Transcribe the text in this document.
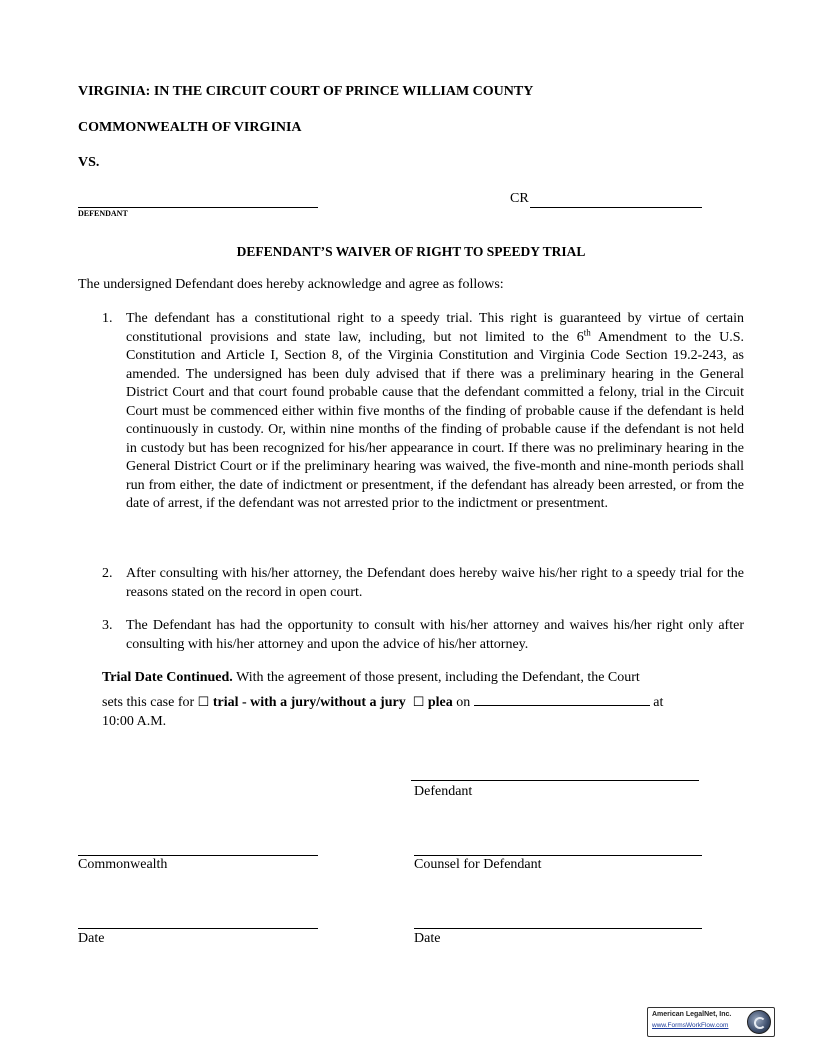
VIRGINIA: IN THE CIRCUIT COURT OF PRINCE WILLIAM COUNTY
COMMONWEALTH OF VIRGINIA
VS.
DEFENDANT
CR
DEFENDANT’S WAIVER OF RIGHT TO SPEEDY TRIAL
The undersigned Defendant does hereby acknowledge and agree as follows:
1. The defendant has a constitutional right to a speedy trial. This right is guaranteed by virtue of certain constitutional provisions and state law, including, but not limited to the 6th Amendment to the U.S. Constitution and Article I, Section 8, of the Virginia Constitution and Virginia Code Section 19.2-243, as amended. The undersigned has been duly advised that if there was a preliminary hearing in the General District Court and that court found probable cause that the defendant committed a felony, trial in the Circuit Court must be commenced either within five months of the finding of probable cause if the defendant is held continuously in custody. Or, within nine months of the finding of probable cause if the defendant is not held in custody but has been recognized for his/her appearance in court. If there was no preliminary hearing in the General District Court or if the preliminary hearing was waived, the five-month and nine-month periods shall run from either, the date of indictment or presentment, if the defendant has already been arrested, or from the date of arrest, if the defendant was not arrested prior to the indictment or presentment.
2. After consulting with his/her attorney, the Defendant does hereby waive his/her right to a speedy trial for the reasons stated on the record in open court.
3. The Defendant has had the opportunity to consult with his/her attorney and waives his/her right only after consulting with his/her attorney and upon the advice of his/her attorney.
Trial Date Continued. With the agreement of those present, including the Defendant, the Court
sets this case for ☐ trial - with a jury/without a jury ☐ plea on	at
10:00 A.M.
Defendant
Commonwealth	Counsel for Defendant
Date	Date
American LegalNet, Inc.
www.FormsWorkFlow.com
